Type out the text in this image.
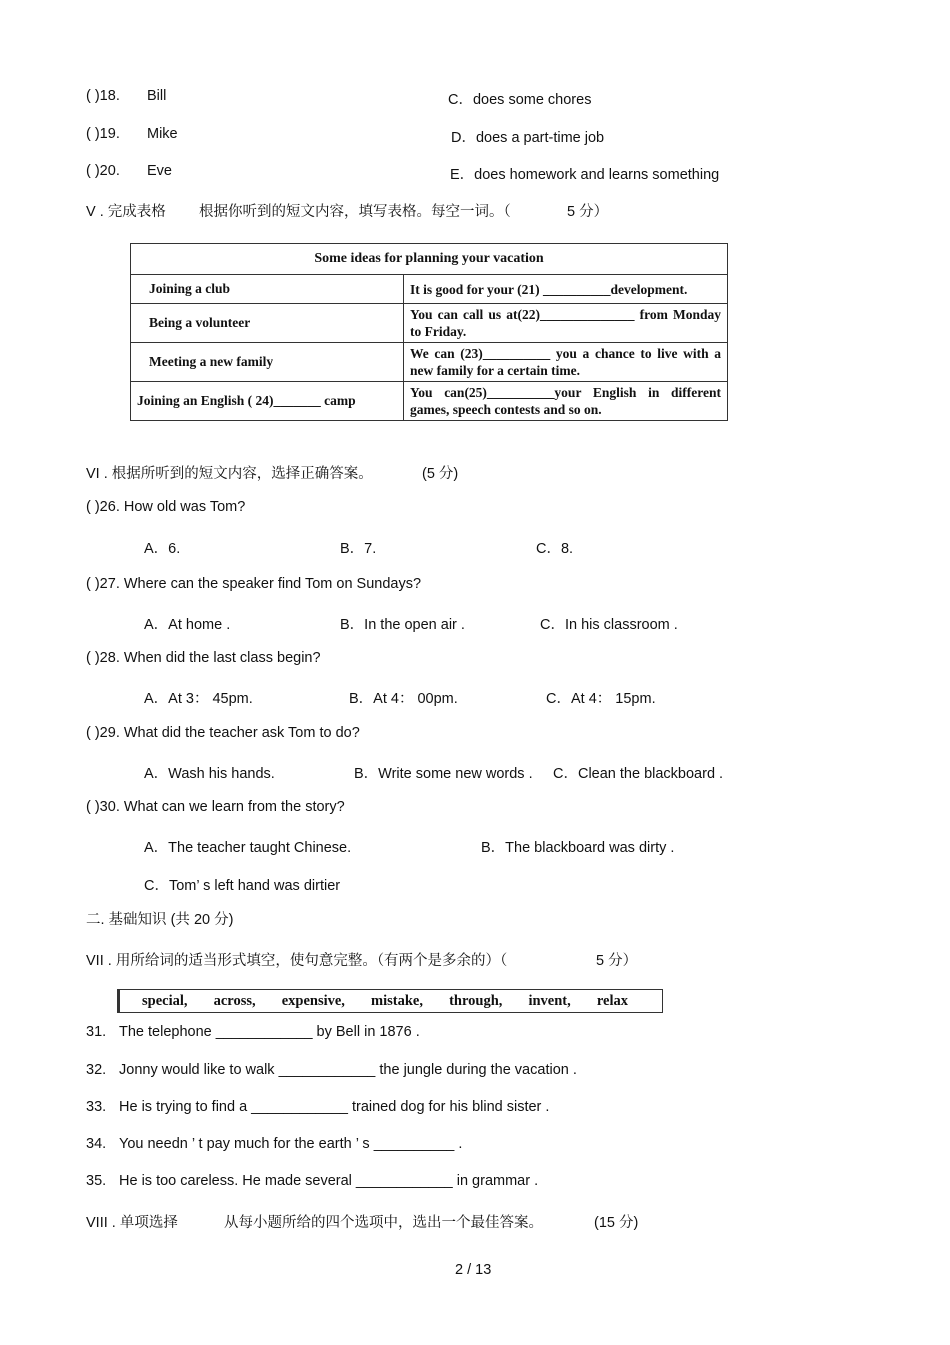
( )18. Bill	C．does some chores
( )19. Mike	D．does a part-time job
( )20. Eve	E．does homework and learns something
V . 完成表格 根据你听到的短文内容，填写表格。每空一词。（	5 分）
Some ideas for planning your vacation	
Joining a club	It is good for your (21) __________development.
Being a volunteer	You can call us at(22)______________ from Monday to Friday.
Meeting a new family	We can (23)__________ you a chance to live with a new family for a certain time.
Joining an English ( 24)_______ camp	You can(25)__________your English in different games, speech contests and so on.
VI . 根据所听到的短文内容，选择正确答案。	(5 分)
( )26. How old was Tom?
A．6.	B．7.	C．8.
( )27. Where can the speaker find Tom on Sundays?
A．At home .	B．In the open air .	C．In his classroom .
( )28. When did the last class begin?
A．At 3： 45pm.	B．At 4： 00pm.	C．At 4： 15pm.
( )29. What did the teacher ask Tom to do?
A．Wash his hands.	B．Write some new words . C．Clean the blackboard .
( )30. What can we learn from the story?
A．The teacher taught Chinese.	B．The blackboard was dirty .
C．Tom’ s left hand was dirtier
二. 基础知识 (共 20 分)
VII . 用所给词的适当形式填空，使句意完整。（有两个是多余的）（	5 分）
special, across, expensive, mistake, through, invent, relax
31. The telephone ____________ by Bell in 1876 .
32. Jonny would like to walk ____________ the jungle during the vacation .
33. He is trying to find a ____________ trained dog for his blind sister .
34. You needn ’ t pay much for the earth ’ s __________ .
35. He is too careless. He made several ____________ in grammar .
VIII . 单项选择	从每小题所给的四个选项中，选出一个最佳答案。	(15 分)
2 / 13
